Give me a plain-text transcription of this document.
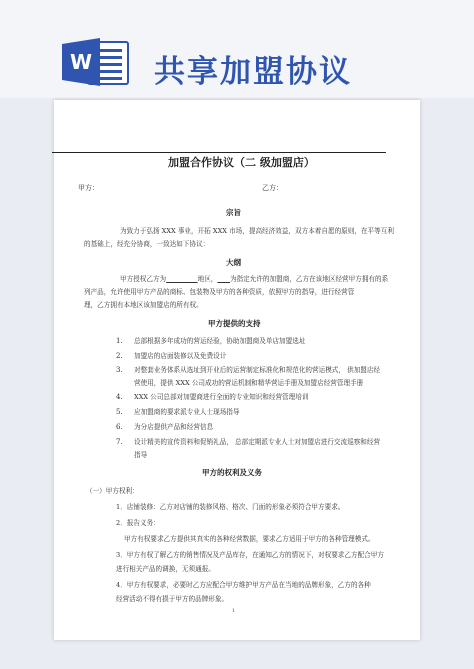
W 共享加盟协议
加盟合作协议（二 级加盟店）
甲方：	乙方：
宗旨
为致力于弘扬 XXX 事业，开拓 XXX 市场，提高经济效益，双方本着自愿的原则，在平等互利
的基础上，经充分协商，一致达如下协议：
大纲
甲方授权乙方为	地区， 为指定允许的加盟商，乙方在该地区经营甲方拥有的系
列产品，允许使用甲方产品的商标、包装物及甲方的各种资质，依照甲方的指导，进行经营管
理，乙方拥有本地区该加盟店的所有权。
甲方提供的支持
1. 总部根据多年成功的营运经验，协助加盟商及单店加盟选址
2. 加盟店的店面装修以及免费设计
3. 对整套业务体系从选址到开业后的运营制定标准化和规范化的营运模式， 供加盟店经
营使用，提供 XXX 公司成功的营运机制和精华营运手册及加盟店经营管理手册
4. XXX 公司总部对加盟商进行全面的专业知识和经营管理培训
5. 应加盟商的要求派专业人士现场指导
6. 为分店提供产品和经营信息
7. 设计精美的宣传资料和促销礼品， 总部定期派专业人士对加盟店进行交流巡察和经营
指导
甲方的权利及义务
（一）甲方权利：
1．店铺装修：乙方对店铺的装修风格、格次、门面的形象必须符合甲方要求。
2．报告义务：
甲方有权要求乙方提供其真实的各种经营数据，要求乙方适用于甲方的各种管理模式。
3．甲方有权了解乙方的销售情况及产品库存，在通知乙方的情况下，对权要求乙方配合甲方
进行相关产品的调换，无须通报。
4．甲方有权要求，必要时乙方应配合甲方维护甲方产品在当地的品牌形象，乙方的各种
经营活动不得有损于甲方的品牌形象。
1
